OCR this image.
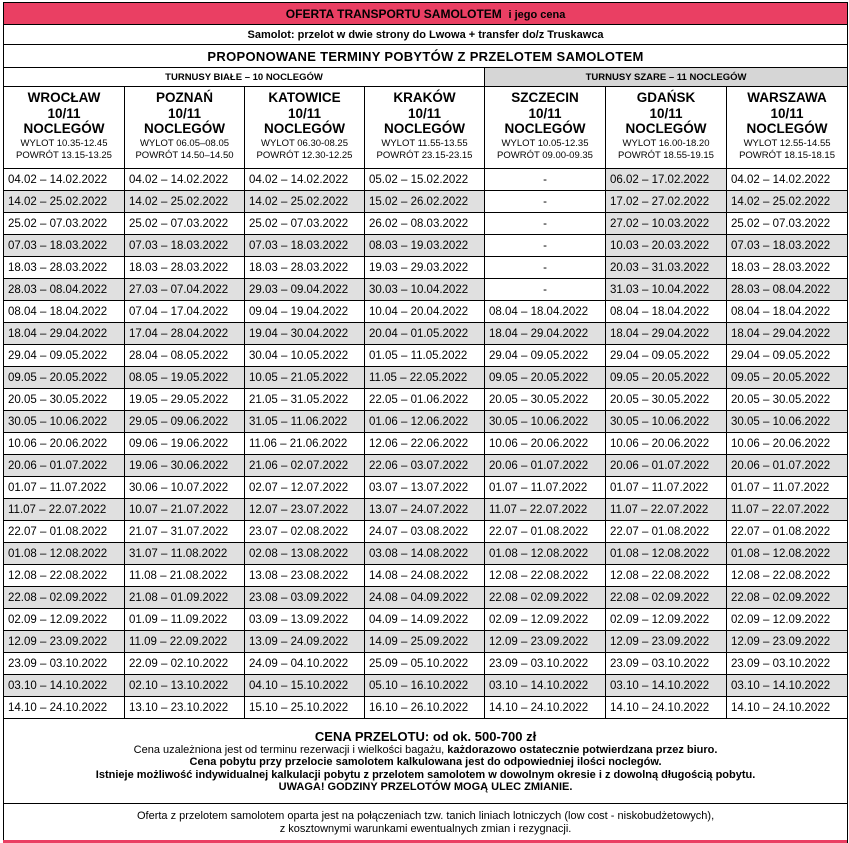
OFERTA TRANSPORTU SAMOLOTEM i jego cena						
Samolot: przelot w dwie strony do Lwowa + transfer do/z Truskawca						
PROPONOWANE TERMINY POBYTÓW Z PRZELOTEM SAMOLOTEM						
TURNUSY BIAŁE – 10 NOCLEGÓW				TURNUSY SZARE – 11 NOCLEGÓW		

WROCŁAW
10/11
NOCLEGÓW
WYLOT 10.35-12.45
POWRÓT 13.15-13.25	POZNAŃ
10/11
NOCLEGÓW
WYLOT 06.05–08.05
POWRÓT 14.50–14.50	KATOWICE
10/11
NOCLEGÓW
WYLOT 06.30-08.25
POWRÓT 12.30-12.25	KRAKÓW
10/11
NOCLEGÓW
WYLOT 11.55-13.55
POWRÓT 23.15-23.15	SZCZECIN
10/11
NOCLEGÓW
WYLOT 10.05-12.35
POWRÓT 09.00-09.35	GDAŃSK
10/11
NOCLEGÓW
WYLOT 16.00-18.20
POWRÓT 18.55-19.15	WARSZAWA
10/11
NOCLEGÓW
WYLOT 12.55-14.55
POWRÓT 18.15-18.15

04.02 – 14.02.2022	04.02 – 14.02.2022	04.02 – 14.02.2022	05.02 – 15.02.2022	-	06.02 – 17.02.2022	04.02 – 14.02.2022
14.02 – 25.02.2022	14.02 – 25.02.2022	14.02 – 25.02.2022	15.02 – 26.02.2022	-	17.02 – 27.02.2022	14.02 – 25.02.2022
25.02 – 07.03.2022	25.02 – 07.03.2022	25.02 – 07.03.2022	26.02 – 08.03.2022	-	27.02 – 10.03.2022	25.02 – 07.03.2022
07.03 – 18.03.2022	07.03 – 18.03.2022	07.03 – 18.03.2022	08.03 – 19.03.2022	-	10.03 – 20.03.2022	07.03 – 18.03.2022
18.03 – 28.03.2022	18.03 – 28.03.2022	18.03 – 28.03.2022	19.03 – 29.03.2022	-	20.03 – 31.03.2022	18.03 – 28.03.2022
28.03 – 08.04.2022	27.03 – 07.04.2022	29.03 – 09.04.2022	30.03 – 10.04.2022	-	31.03 – 10.04.2022	28.03 – 08.04.2022
08.04 – 18.04.2022	07.04 – 17.04.2022	09.04 – 19.04.2022	10.04 – 20.04.2022	08.04 – 18.04.2022	08.04 – 18.04.2022	08.04 – 18.04.2022
18.04 – 29.04.2022	17.04 – 28.04.2022	19.04 – 30.04.2022	20.04 – 01.05.2022	18.04 – 29.04.2022	18.04 – 29.04.2022	18.04 – 29.04.2022
29.04 – 09.05.2022	28.04 – 08.05.2022	30.04 – 10.05.2022	01.05 – 11.05.2022	29.04 – 09.05.2022	29.04 – 09.05.2022	29.04 – 09.05.2022
09.05 – 20.05.2022	08.05 – 19.05.2022	10.05 – 21.05.2022	11.05 – 22.05.2022	09.05 – 20.05.2022	09.05 – 20.05.2022	09.05 – 20.05.2022
20.05 – 30.05.2022	19.05 – 29.05.2022	21.05 – 31.05.2022	22.05 – 01.06.2022	20.05 – 30.05.2022	20.05 – 30.05.2022	20.05 – 30.05.2022
30.05 – 10.06.2022	29.05 – 09.06.2022	31.05 – 11.06.2022	01.06 – 12.06.2022	30.05 – 10.06.2022	30.05 – 10.06.2022	30.05 – 10.06.2022
10.06 – 20.06.2022	09.06 – 19.06.2022	11.06 – 21.06.2022	12.06 – 22.06.2022	10.06 – 20.06.2022	10.06 – 20.06.2022	10.06 – 20.06.2022
20.06 – 01.07.2022	19.06 – 30.06.2022	21.06 – 02.07.2022	22.06 – 03.07.2022	20.06 – 01.07.2022	20.06 – 01.07.2022	20.06 – 01.07.2022
01.07 – 11.07.2022	30.06 – 10.07.2022	02.07 – 12.07.2022	03.07 – 13.07.2022	01.07 – 11.07.2022	01.07 – 11.07.2022	01.07 – 11.07.2022
11.07 – 22.07.2022	10.07 – 21.07.2022	12.07 – 23.07.2022	13.07 – 24.07.2022	11.07 – 22.07.2022	11.07 – 22.07.2022	11.07 – 22.07.2022
22.07 – 01.08.2022	21.07 – 31.07.2022	23.07 – 02.08.2022	24.07 – 03.08.2022	22.07 – 01.08.2022	22.07 – 01.08.2022	22.07 – 01.08.2022
01.08 – 12.08.2022	31.07 – 11.08.2022	02.08 – 13.08.2022	03.08 – 14.08.2022	01.08 – 12.08.2022	01.08 – 12.08.2022	01.08 – 12.08.2022
12.08 – 22.08.2022	11.08 – 21.08.2022	13.08 – 23.08.2022	14.08 – 24.08.2022	12.08 – 22.08.2022	12.08 – 22.08.2022	12.08 – 22.08.2022
22.08 – 02.09.2022	21.08 – 01.09.2022	23.08 – 03.09.2022	24.08 – 04.09.2022	22.08 – 02.09.2022	22.08 – 02.09.2022	22.08 – 02.09.2022
02.09 – 12.09.2022	01.09 – 11.09.2022	03.09 – 13.09.2022	04.09 – 14.09.2022	02.09 – 12.09.2022	02.09 – 12.09.2022	02.09 – 12.09.2022
12.09 – 23.09.2022	11.09 – 22.09.2022	13.09 – 24.09.2022	14.09 – 25.09.2022	12.09 – 23.09.2022	12.09 – 23.09.2022	12.09 – 23.09.2022
23.09 – 03.10.2022	22.09 – 02.10.2022	24.09 – 04.10.2022	25.09 – 05.10.2022	23.09 – 03.10.2022	23.09 – 03.10.2022	23.09 – 03.10.2022
03.10 – 14.10.2022	02.10 – 13.10.2022	04.10 – 15.10.2022	05.10 – 16.10.2022	03.10 – 14.10.2022	03.10 – 14.10.2022	03.10 – 14.10.2022
14.10 – 24.10.2022	13.10 – 23.10.2022	15.10 – 25.10.2022	16.10 – 26.10.2022	14.10 – 24.10.2022	14.10 – 24.10.2022	14.10 – 24.10.2022

CENA PRZELOTU: od ok. 500-700 zł
Cena uzależniona jest od terminu rezerwacji i wielkości bagażu, każdorazowo ostatecznie potwierdzana przez biuro.
Cena pobytu przy przelocie samolotem kalkulowana jest do odpowiedniej ilości noclegów.
Istnieje możliwość indywidualnej kalkulacji pobytu z przelotem samolotem w dowolnym okresie i z dowolną długością pobytu.
UWAGA! GODZINY PRZELOTÓW MOGĄ ULEC ZMIANIE.						

Oferta z przelotem samolotem oparta jest na połączeniach tzw. tanich liniach lotniczych (low cost - niskobudżetowych),
z kosztownymi warunkami ewentualnych zmian i rezygnacji.						
